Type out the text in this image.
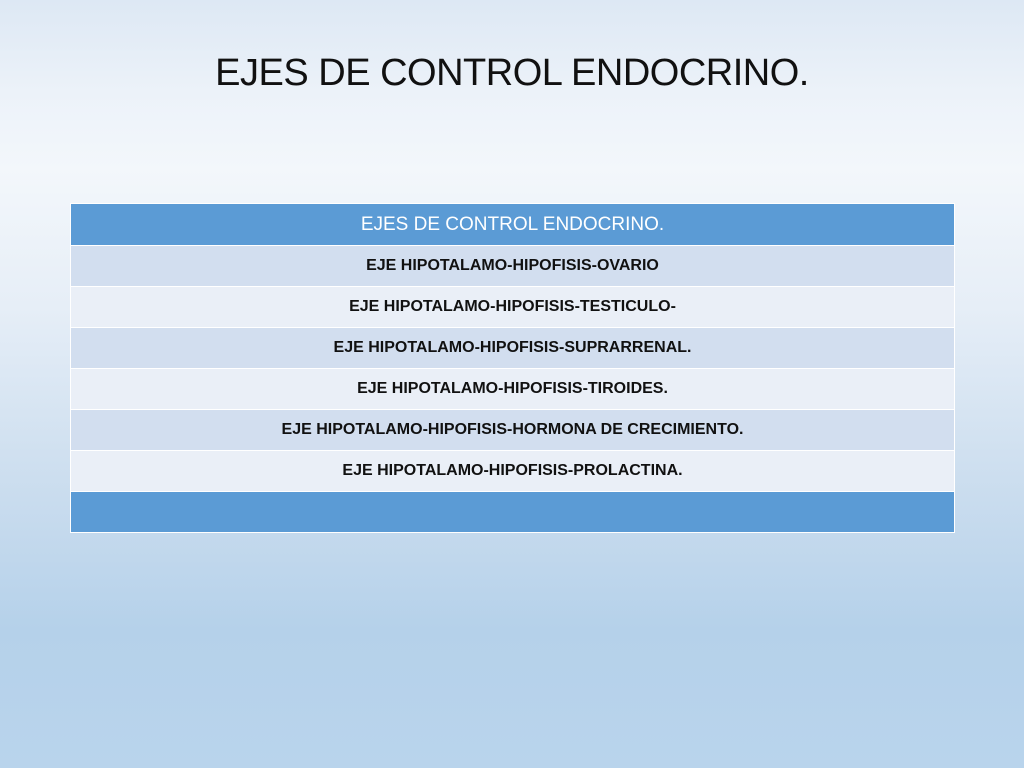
EJES DE CONTROL ENDOCRINO.
EJES DE CONTROL ENDOCRINO.
EJE HIPOTALAMO-HIPOFISIS-OVARIO
EJE HIPOTALAMO-HIPOFISIS-TESTICULO-
EJE HIPOTALAMO-HIPOFISIS-SUPRARRENAL.
EJE HIPOTALAMO-HIPOFISIS-TIROIDES.
EJE HIPOTALAMO-HIPOFISIS-HORMONA DE CRECIMIENTO.
EJE HIPOTALAMO-HIPOFISIS-PROLACTINA.
